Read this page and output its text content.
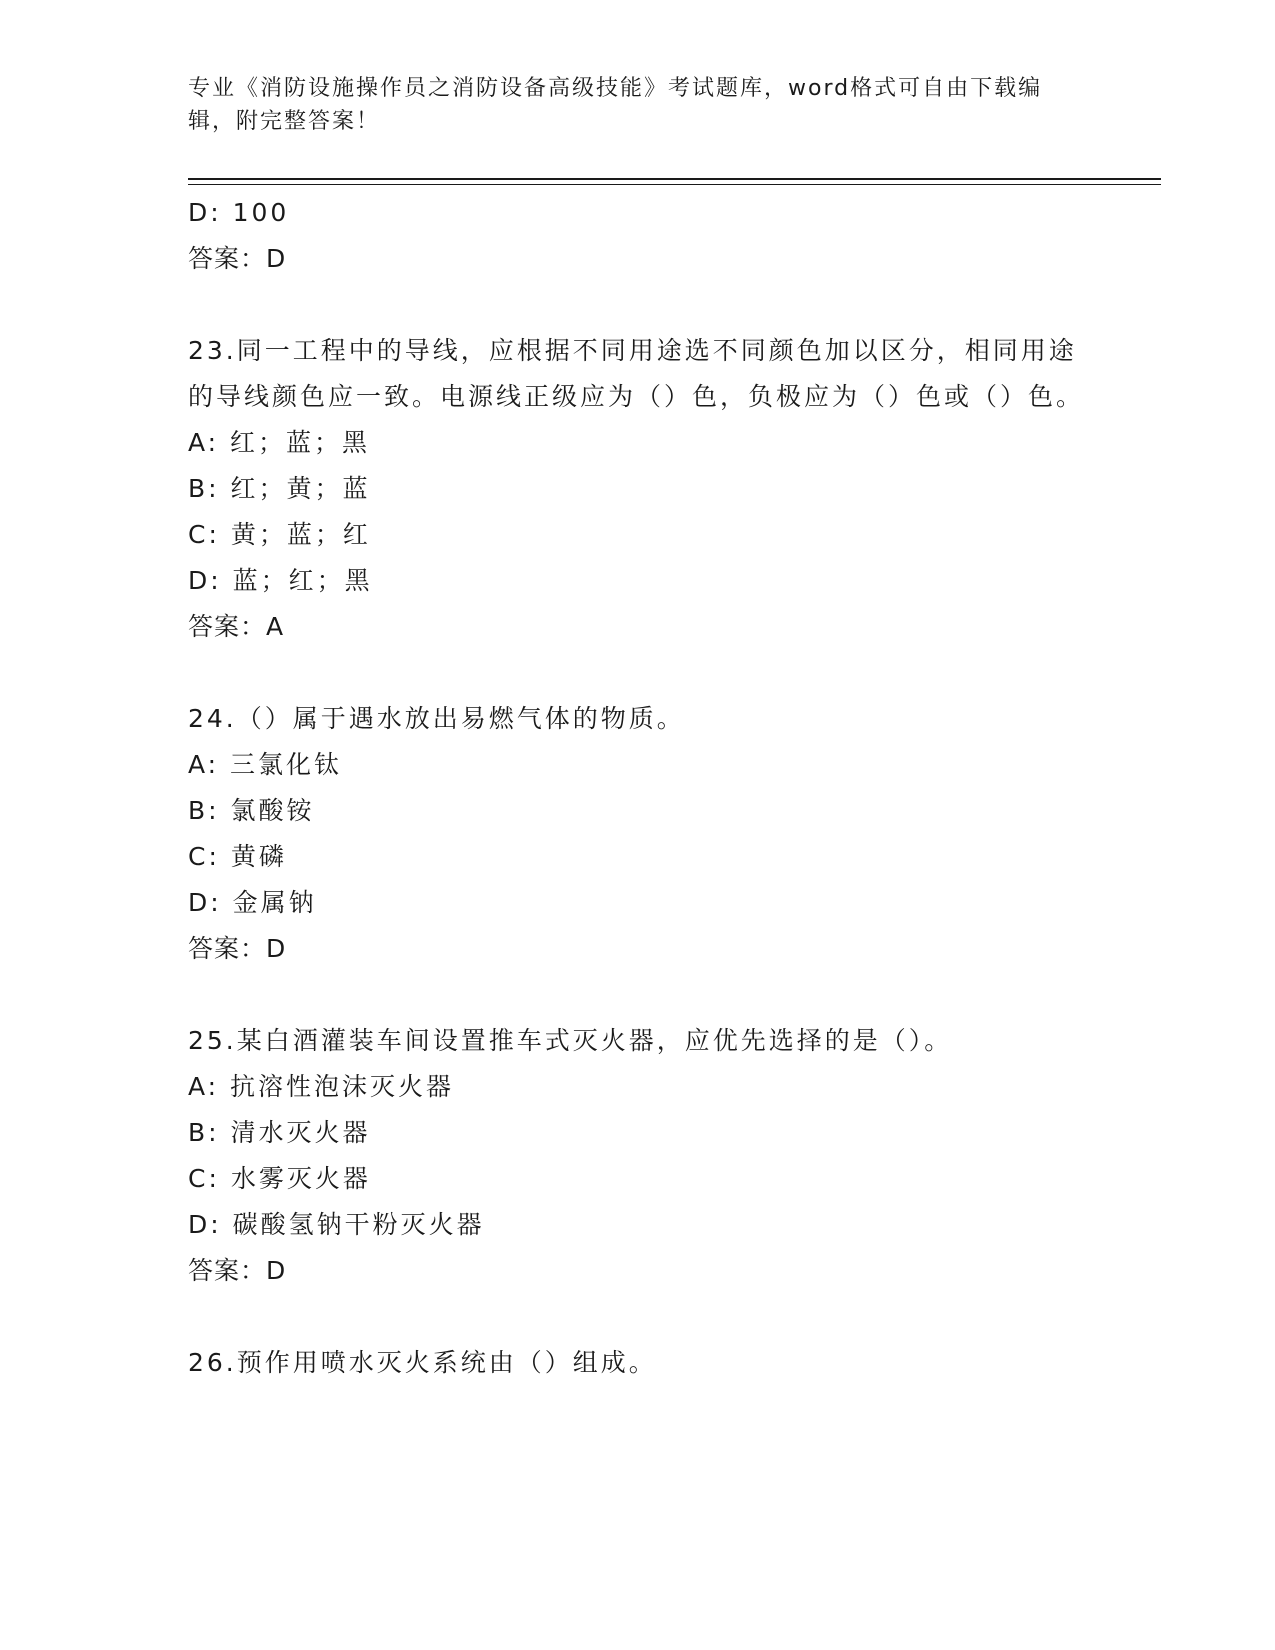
专业《消防设施操作员之消防设备高级技能》考试题库，word格式可自由下载编辑，附完整答案！
D: 100
答案：D
23.同一工程中的导线，应根据不同用途选不同颜色加以区分，相同用途的导线颜色应一致。电源线正级应为（）色，负极应为（）色或（）色。
A: 红；蓝；黑
B: 红；黄；蓝
C: 黄；蓝；红
D: 蓝；红；黑
答案：A
24.（）属于遇水放出易燃气体的物质。
A: 三氯化钛
B: 氯酸铵
C: 黄磷
D: 金属钠
答案：D
25.某白酒灌装车间设置推车式灭火器，应优先选择的是（）。
A: 抗溶性泡沫灭火器
B: 清水灭火器
C: 水雾灭火器
D: 碳酸氢钠干粉灭火器
答案：D
26.预作用喷水灭火系统由（）组成。
